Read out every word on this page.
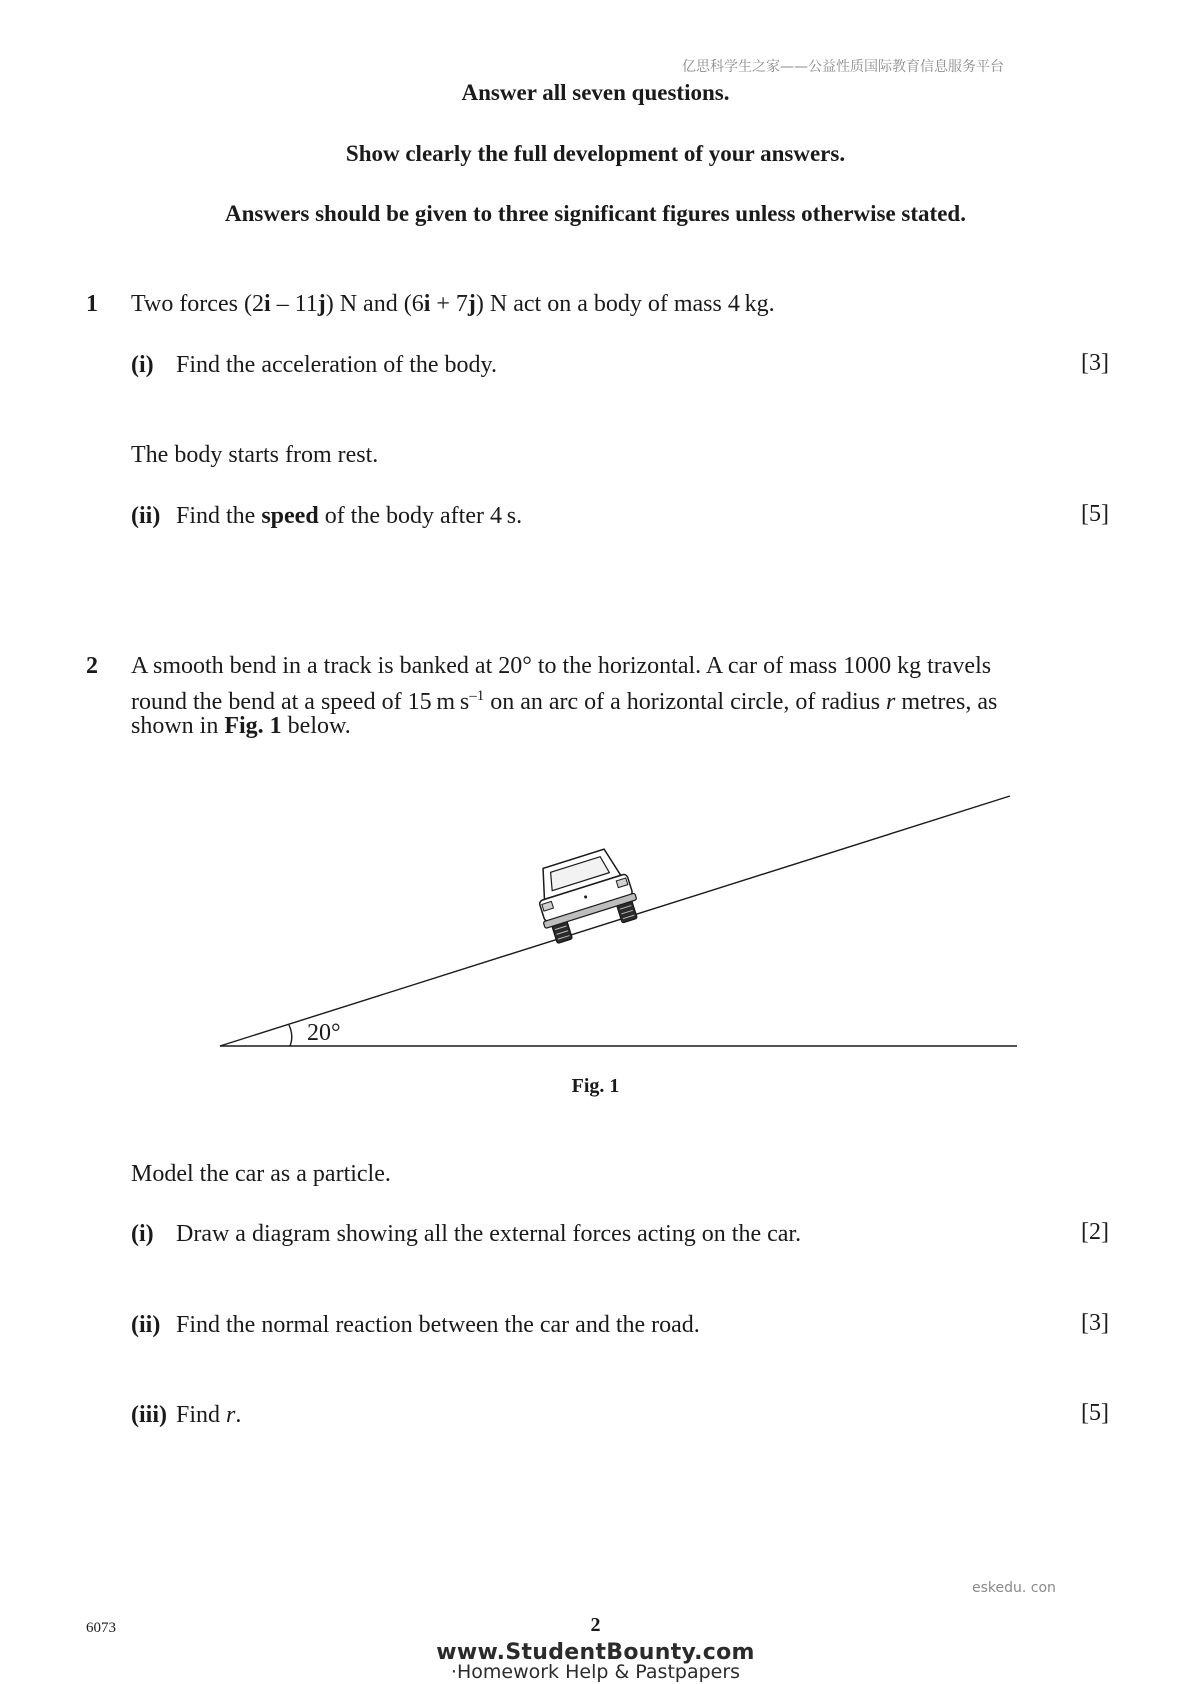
亿思科学生之家——公益性质国际教育信息服务平台
Answer all seven questions.
Show clearly the full development of your answers.
Answers should be given to three significant figures unless otherwise stated.
1 Two forces (2i – 11j) N and (6i + 7j) N act on a body of mass 4 kg.
(i) Find the acceleration of the body.	[3]
The body starts from rest.
(ii) Find the speed of the body after 4 s.	[5]
2 A smooth bend in a track is banked at 20° to the horizontal. A car of mass 1000 kg travels
round the bend at a speed of 15 m $s^{-1}$ on an arc of a horizontal circle, of radius r metres, as
shown in Fig. 1 below.
20°
Fig. 1
Model the car as a particle.
(i) Draw a diagram showing all the external forces acting on the car.	[2]
(ii) Find the normal reaction between the car and the road.	[3]
(iii) Find r.	[5]
eskedu. con
6073	2
www.StudentBounty.com
·Homework Help & Pastpapers
